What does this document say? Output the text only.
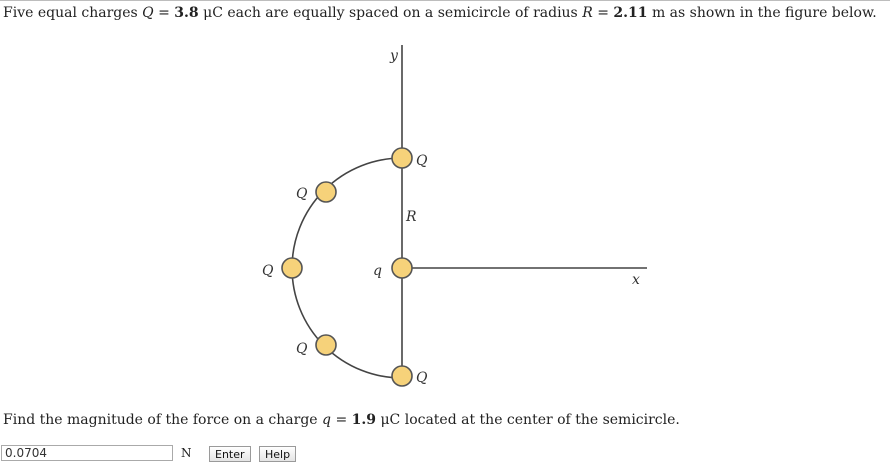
Five equal charges Q = 3.8 μC each are equally spaced on a semicircle of radius R = 2.11 m as shown in the figure below.
y
x
R
q
Q
Q
Q
Q
Q
Find the magnitude of the force on a charge q = 1.9 μC located at the center of the semicircle.
0.0704
N	Enter	Help
